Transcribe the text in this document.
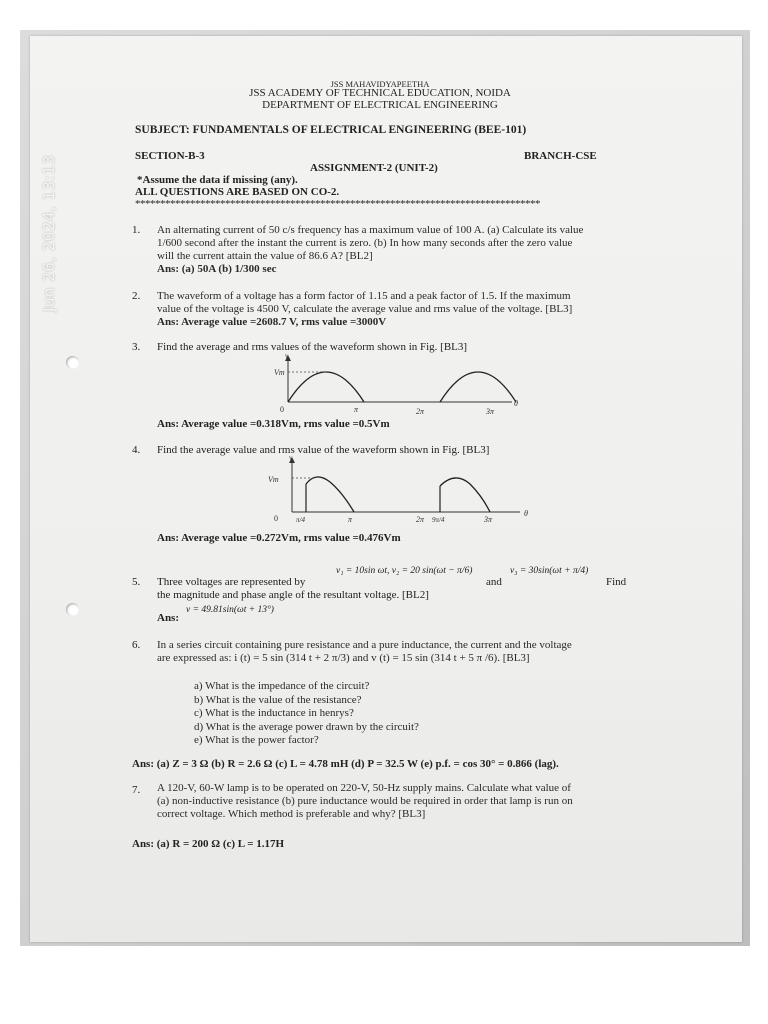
Jun 26, 2024, 13:13
JSS MAHAVIDYAPEETHA
JSS ACADEMY OF TECHNICAL EDUCATION, NOIDA
DEPARTMENT OF ELECTRICAL ENGINEERING
SUBJECT: FUNDAMENTALS OF ELECTRICAL ENGINEERING (BEE-101)
SECTION-B-3	BRANCH-CSE
ASSIGNMENT-2 (UNIT-2)
*Assume the data if missing (any).
ALL QUESTIONS ARE BASED ON CO-2.
*********************************************************************************
1. An alternating current of 50 c/s frequency has a maximum value of 100 A. (a) Calculate its value
1/600 second after the instant the current is zero. (b) In how many seconds after the zero value
will the current attain the value of 86.6 A? [BL2]
Ans: (a) 50A (b) 1/300 sec
2. The waveform of a voltage has a form factor of 1.15 and a peak factor of 1.5. If the maximum
value of the voltage is 4500 V, calculate the average value and rms value of the voltage. [BL3]
Ans: Average value =2608.7 V, rms value =3000V
3. Find the average and rms values of the waveform shown in Fig. [BL3]
v
Vm
0	π	2π	3π
θ
Ans: Average value =0.318Vm, rms value =0.5Vm
4. Find the average value and rms value of the waveform shown in Fig. [BL3]
v
Vm
0	π/4	π	2π 9π/4	3π
θ
Ans: Average value =0.272Vm, rms value =0.476Vm
5. Three voltages are represented by
v₁ = 10sin ωt, v₂ = 20 sin(ωt − π/6)
and
v₃ = 30sin(ωt + π/4)
Find
the magnitude and phase angle of the resultant voltage. [BL2]
Ans:
v = 49.81sin(ωt + 13°)
6. In a series circuit containing pure resistance and a pure inductance, the current and the voltage
are expressed as: i (t) = 5 sin (314 t + 2 π/3) and v (t) = 15 sin (314 t + 5 π /6). [BL3]
a) What is the impedance of the circuit?
b) What is the value of the resistance?
c) What is the inductance in henrys?
d) What is the average power drawn by the circuit?
e) What is the power factor?
Ans: (a) Z = 3 Ω (b) R = 2.6 Ω (c) L = 4.78 mH (d) P = 32.5 W (e) p.f. = cos 30° = 0.866 (lag).
7. A 120-V, 60-W lamp is to be operated on 220-V, 50-Hz supply mains. Calculate what value of
(a) non-inductive resistance (b) pure inductance would be required in order that lamp is run on
correct voltage. Which method is preferable and why? [BL3]
Ans: (a) R = 200 Ω (c) L = 1.17H
